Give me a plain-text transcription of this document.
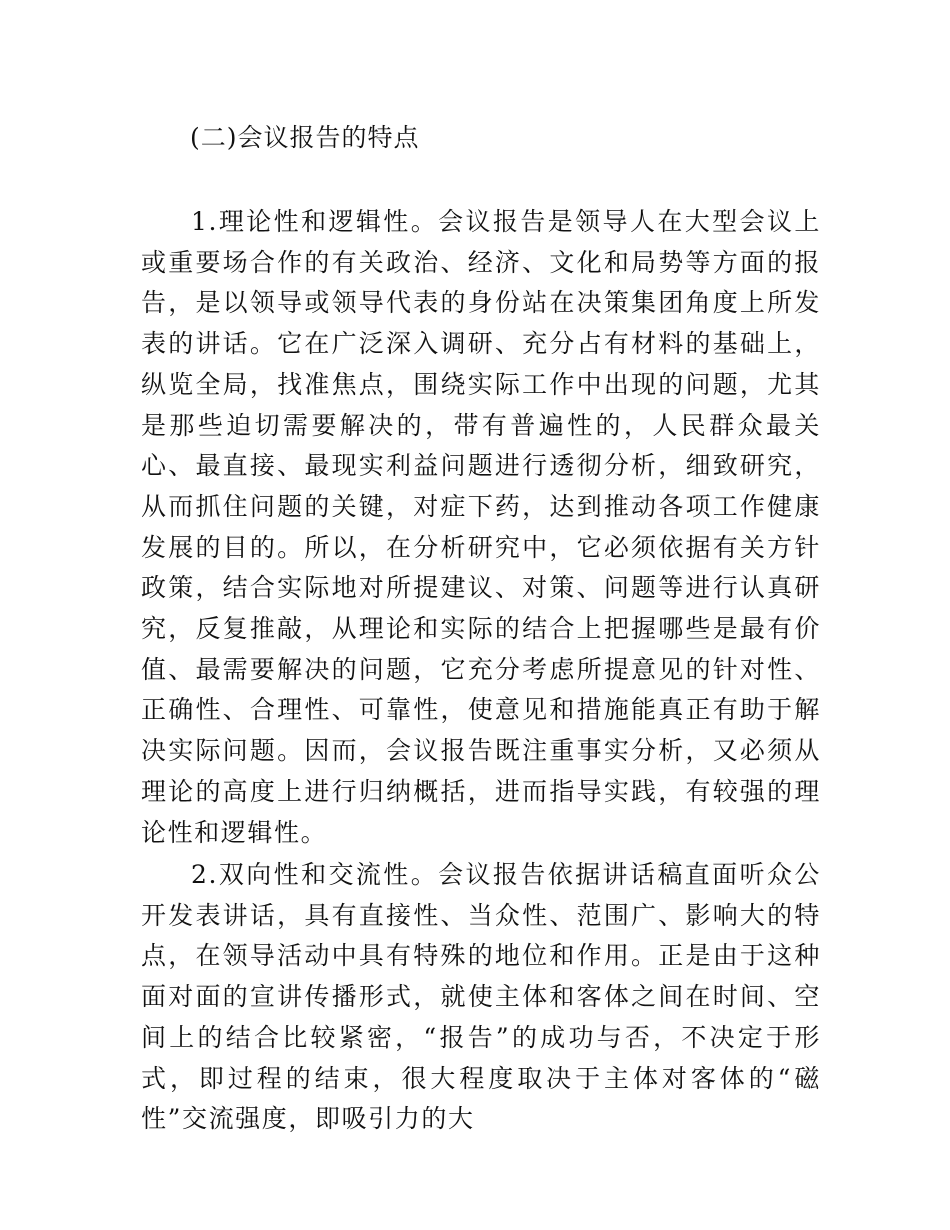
(二)会议报告的特点

1.理论性和逻辑性。会议报告是领导人在大型会议上或重要场合作的有关政治、经济、文化和局势等方面的报告，是以领导或领导代表的身份站在决策集团角度上所发表的讲话。它在广泛深入调研、充分占有材料的基础上，纵览全局，找准焦点，围绕实际工作中出现的问题，尤其是那些迫切需要解决的，带有普遍性的，人民群众最关心、最直接、最现实利益问题进行透彻分析，细致研究，从而抓住问题的关键，对症下药，达到推动各项工作健康发展的目的。所以，在分析研究中，它必须依据有关方针政策，结合实际地对所提建议、对策、问题等进行认真研究，反复推敲，从理论和实际的结合上把握哪些是最有价值、最需要解决的问题，它充分考虑所提意见的针对性、正确性、合理性、可靠性，使意见和措施能真正有助于解决实际问题。因而，会议报告既注重事实分析，又必须从理论的高度上进行归纳概括，进而指导实践，有较强的理论性和逻辑性。

2.双向性和交流性。会议报告依据讲话稿直面听众公开发表讲话，具有直接性、当众性、范围广、影响大的特点，在领导活动中具有特殊的地位和作用。正是由于这种面对面的宣讲传播形式，就使主体和客体之间在时间、空间上的结合比较紧密，“报告”的成功与否，不决定于形式，即过程的结束，很大程度取决于主体对客体的“磁性”交流强度，即吸引力的大
